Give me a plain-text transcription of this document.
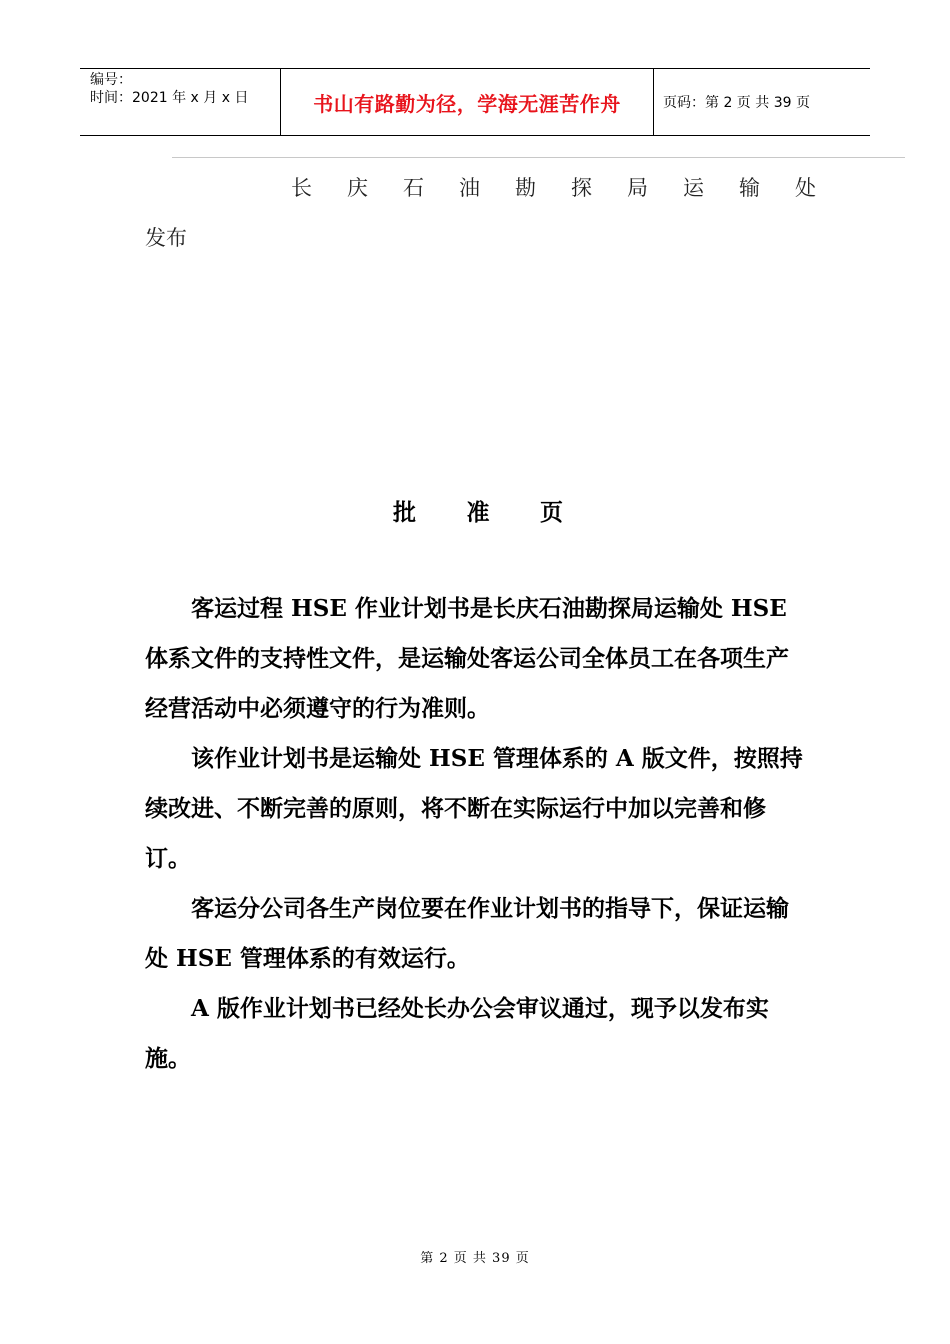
编号：
时间：2021 年 x 月 x 日	书山有路勤为径，学海无涯苦作舟	页码：第 2 页 共 39 页
长 庆 石 油 勘 探 局 运 输 处
发布
批 准 页

客运过程 HSE 作业计划书是长庆石油勘探局运输处 HSE 体系文件的支持性文件，是运输处客运公司全体员工在各项生产经营活动中必须遵守的行为准则。

该作业计划书是运输处 HSE 管理体系的 A 版文件，按照持续改进、不断完善的原则，将不断在实际运行中加以完善和修订。

客运分公司各生产岗位要在作业计划书的指导下，保证运输处 HSE 管理体系的有效运行。

A 版作业计划书已经处长办公会审议通过，现予以发布实施。

第 2 页 共 39 页
